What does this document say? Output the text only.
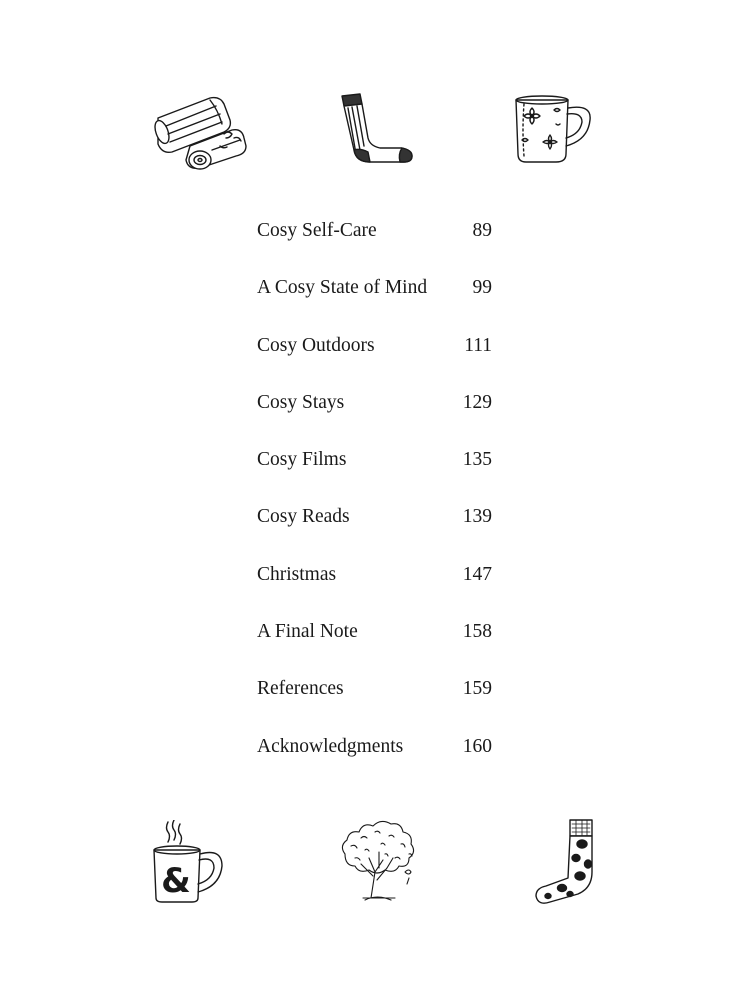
Cosy Self-Care	89
A Cosy State of Mind	99
Cosy Outdoors	111
Cosy Stays	129
Cosy Films	135
Cosy Reads	139
Christmas	147
A Final Note	158
References	159
Acknowledgments	160
&
